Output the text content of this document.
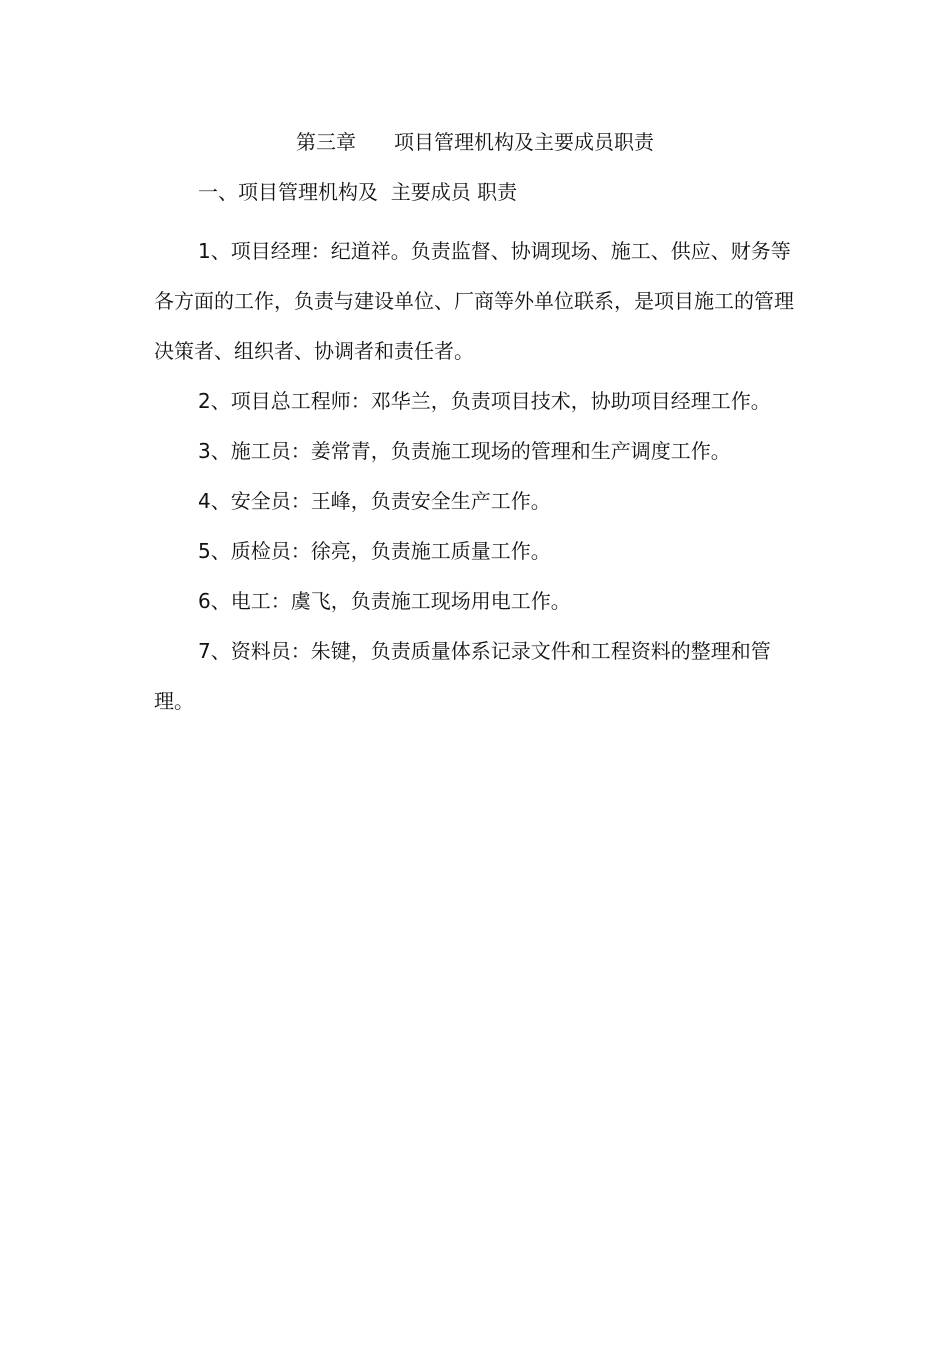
第三章 项目管理机构及主要成员职责
一、项目管理机构及  主要成员 职责

1、项目经理：纪道祥。负责监督、协调现场、施工、供应、财务等各方面的工作，负责与建设单位、厂商等外单位联系，是项目施工的管理决策者、组织者、协调者和责任者。

2、项目总工程师：邓华兰，负责项目技术，协助项目经理工作。

3、施工员：姜常青，负责施工现场的管理和生产调度工作。

4、安全员：王峰，负责安全生产工作。

5、质检员：徐亮，负责施工质量工作。

6、电工：虞飞，负责施工现场用电工作。

7、资料员：朱键，负责质量体系记录文件和工程资料的整理和管理。
